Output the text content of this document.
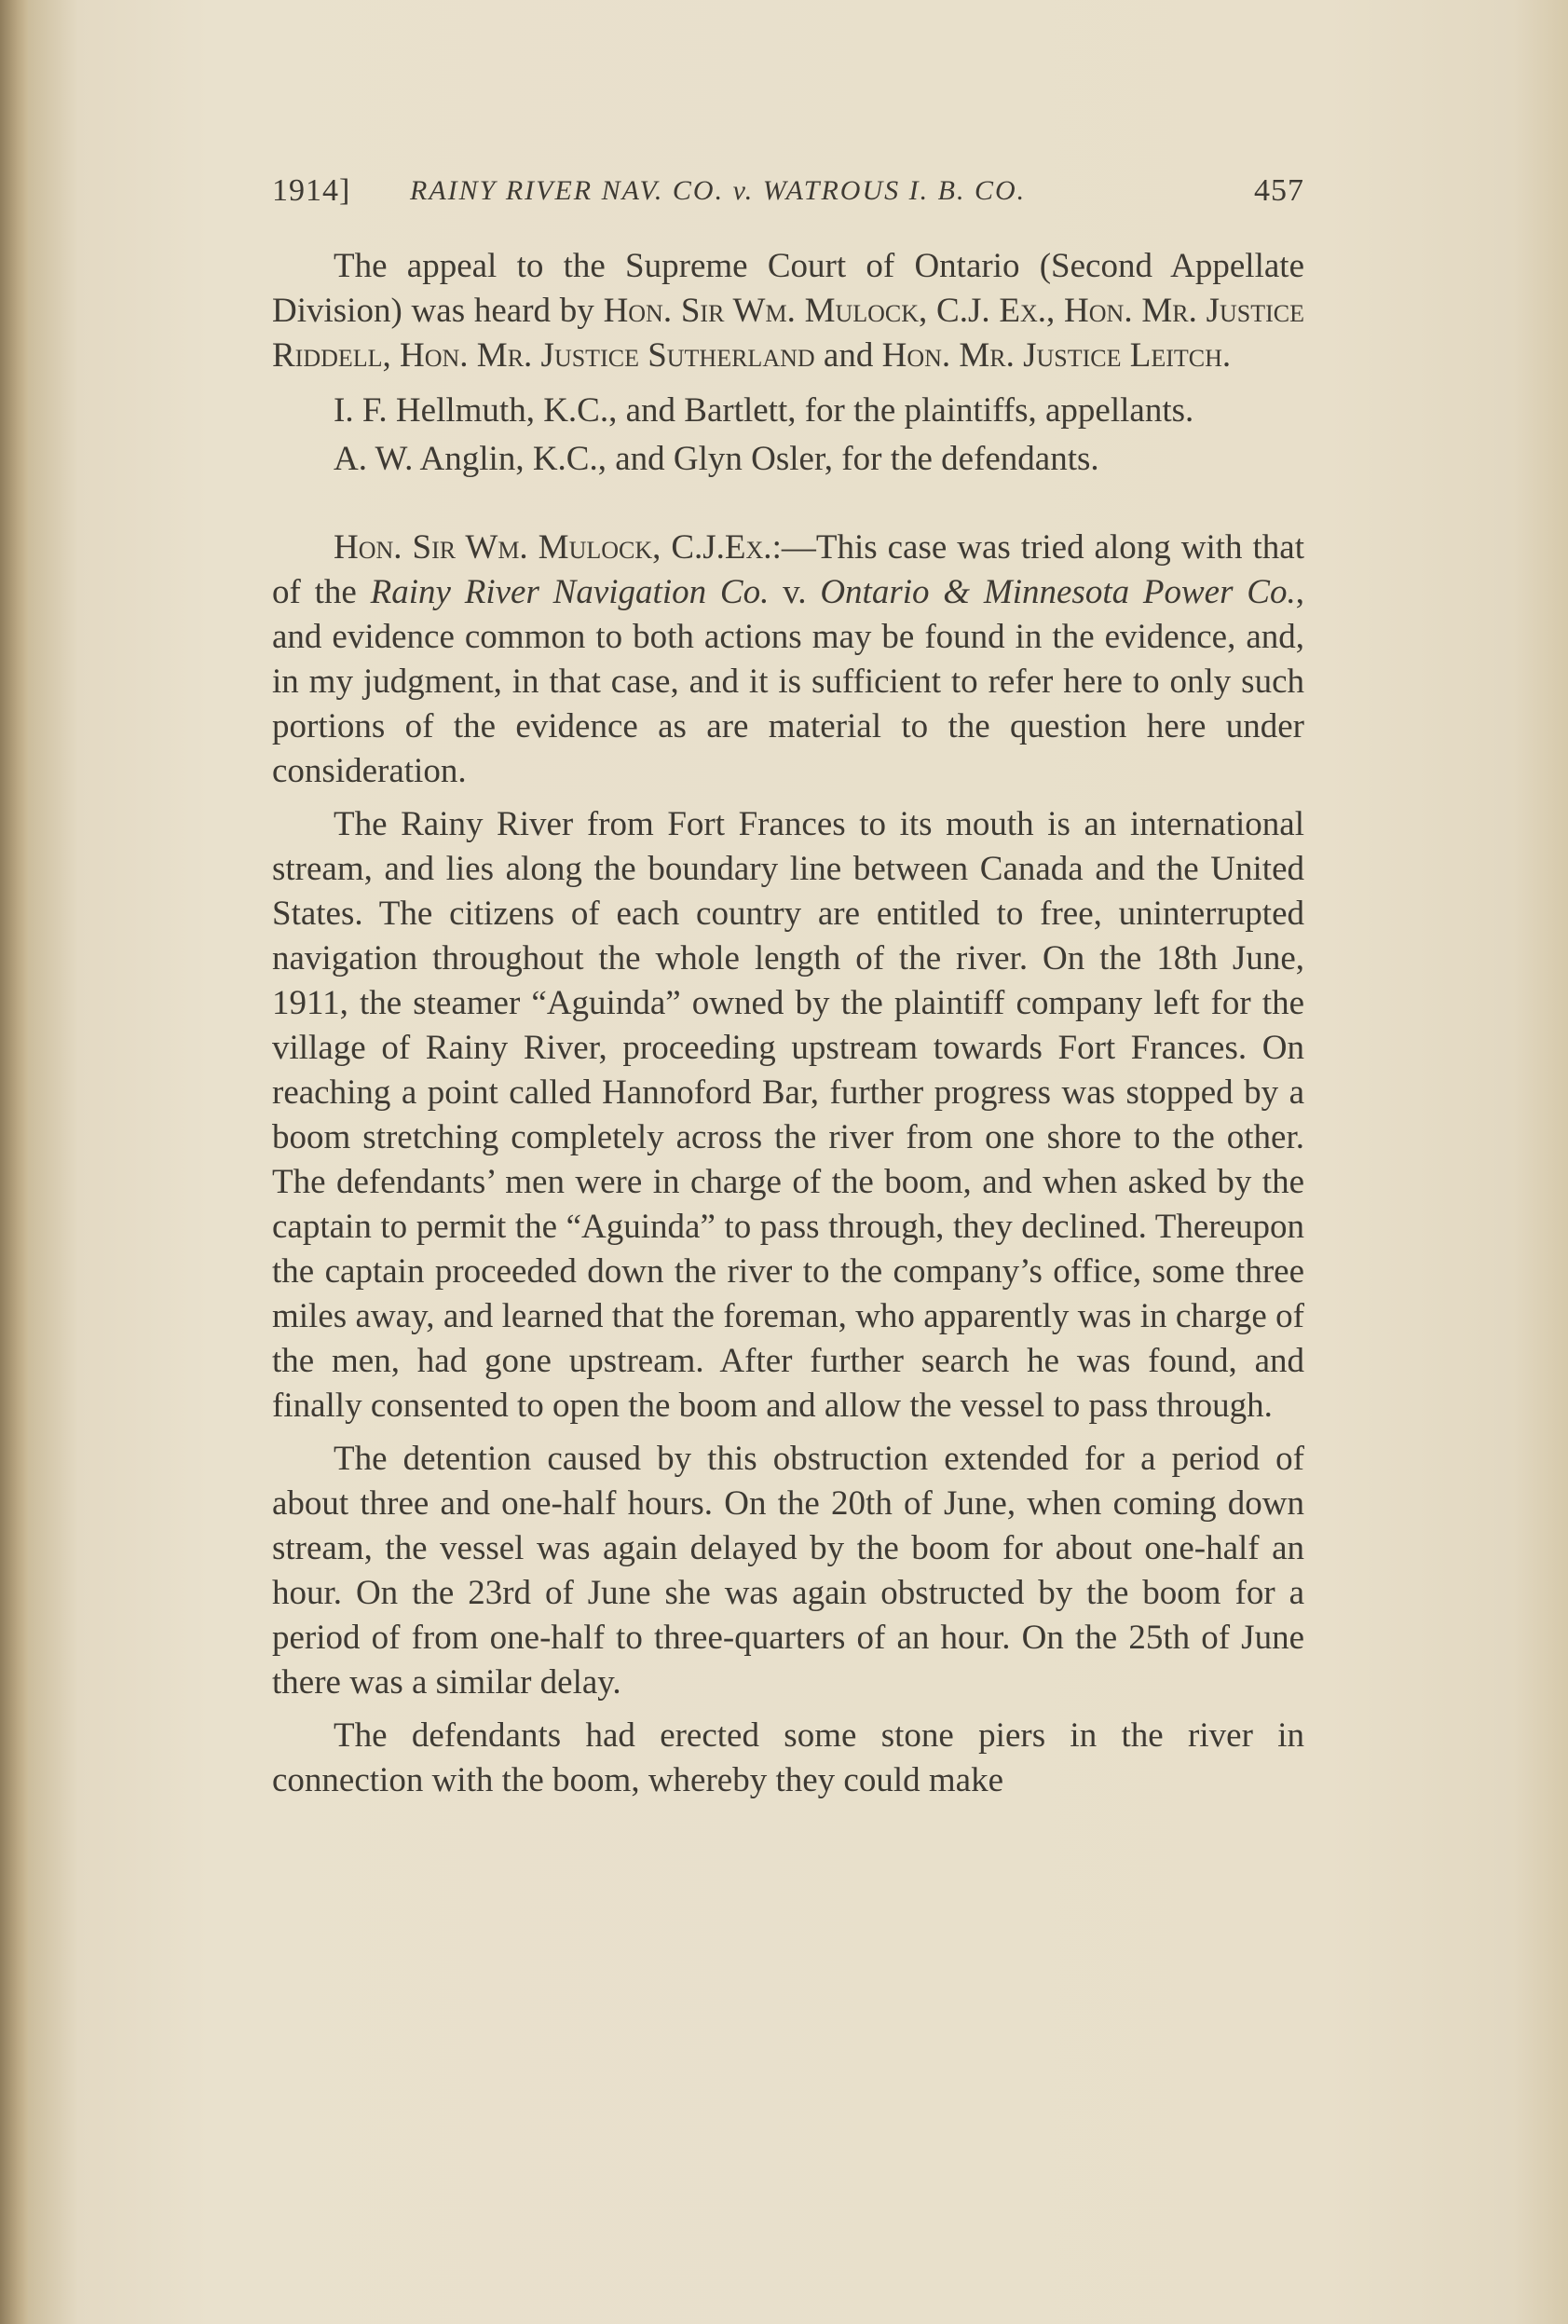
1914] RAINY RIVER NAV. CO. v. WATROUS I. B. CO.	457

The appeal to the Supreme Court of Ontario (Second Appellate Division) was heard by Hon. Sir Wm. Mulock, C.J. Ex., Hon. Mr. Justice Riddell, Hon. Mr. Justice Sutherland and Hon. Mr. Justice Leitch.

I. F. Hellmuth, K.C., and Bartlett, for the plaintiffs, appellants.

A. W. Anglin, K.C., and Glyn Osler, for the defendants.

Hon. Sir Wm. Mulock, C.J.Ex.:—This case was tried along with that of the Rainy River Navigation Co. v. Ontario & Minnesota Power Co., and evidence common to both actions may be found in the evidence, and, in my judgment, in that case, and it is sufficient to refer here to only such portions of the evidence as are material to the question here under consideration.

The Rainy River from Fort Frances to its mouth is an international stream, and lies along the boundary line between Canada and the United States. The citizens of each country are entitled to free, uninterrupted navigation throughout the whole length of the river. On the 18th June, 1911, the steamer “Aguinda” owned by the plaintiff company left for the village of Rainy River, proceeding upstream towards Fort Frances. On reaching a point called Hannoford Bar, further progress was stopped by a boom stretching completely across the river from one shore to the other. The defendants’ men were in charge of the boom, and when asked by the captain to permit the “Aguinda” to pass through, they declined. Thereupon the captain proceeded down the river to the company’s office, some three miles away, and learned that the foreman, who apparently was in charge of the men, had gone upstream. After further search he was found, and finally consented to open the boom and allow the vessel to pass through.

The detention caused by this obstruction extended for a period of about three and one-half hours. On the 20th of June, when coming down stream, the vessel was again delayed by the boom for about one-half an hour. On the 23rd of June she was again obstructed by the boom for a period of from one-half to three-quarters of an hour. On the 25th of June there was a similar delay.

The defendants had erected some stone piers in the river in connection with the boom, whereby they could make
